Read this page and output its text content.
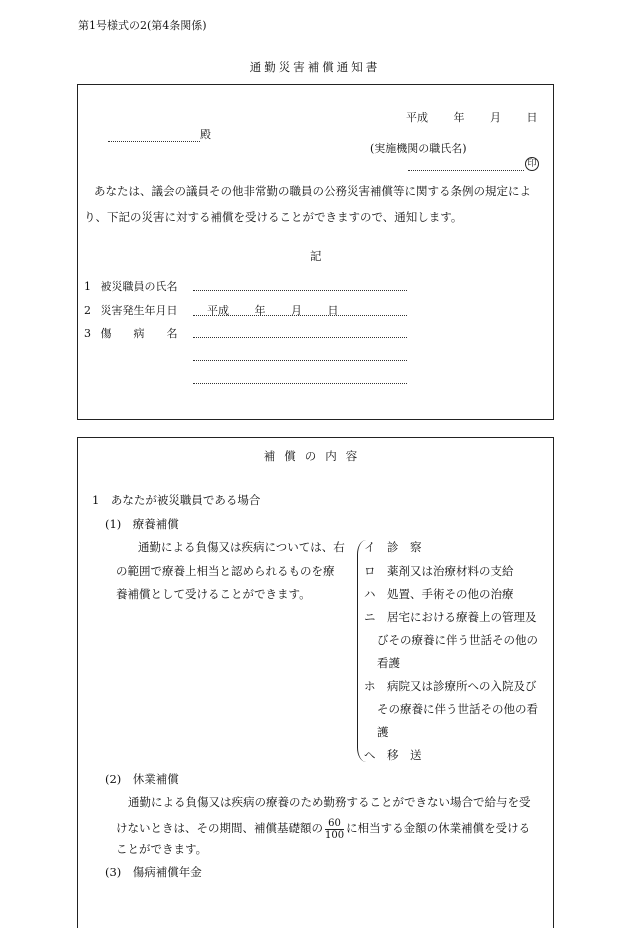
第1号様式の2(第4条関係)
通勤災害補償通知書
平成 年 月 日
殿
(実施機関の職氏名)
印
あなたは、議会の議員その他非常勤の職員の公務災害補償等に関する条例の規定によ
り、下記の災害に対する補償を受けることができますので、通知します。
記
1 被災職員の氏名
2 災害発生年月日	平成 年 月 日
3 傷　　病　　名
補償の内容
1　あなたが被災職員である場合
(1)　療養補償
通勤による負傷又は疾病については、右
の範囲で療養上相当と認められるものを療
養補償として受けることができます。
イ　診　察
ロ　薬剤又は治療材料の支給
ハ　処置、手術その他の治療
ニ　居宅における療養上の管理及
びその療養に伴う世話その他の
看護
ホ　病院又は診療所への入院及び
その療養に伴う世話その他の看
護
へ　移　送
(2)　休業補償
通勤による負傷又は疾病の療養のため勤務することができない場合で給与を受
けないときは、その期間、補償基礎額の $\frac{60}{100}$ に相当する金額の休業補償を受ける
ことができます。
(3)　傷病補償年金
